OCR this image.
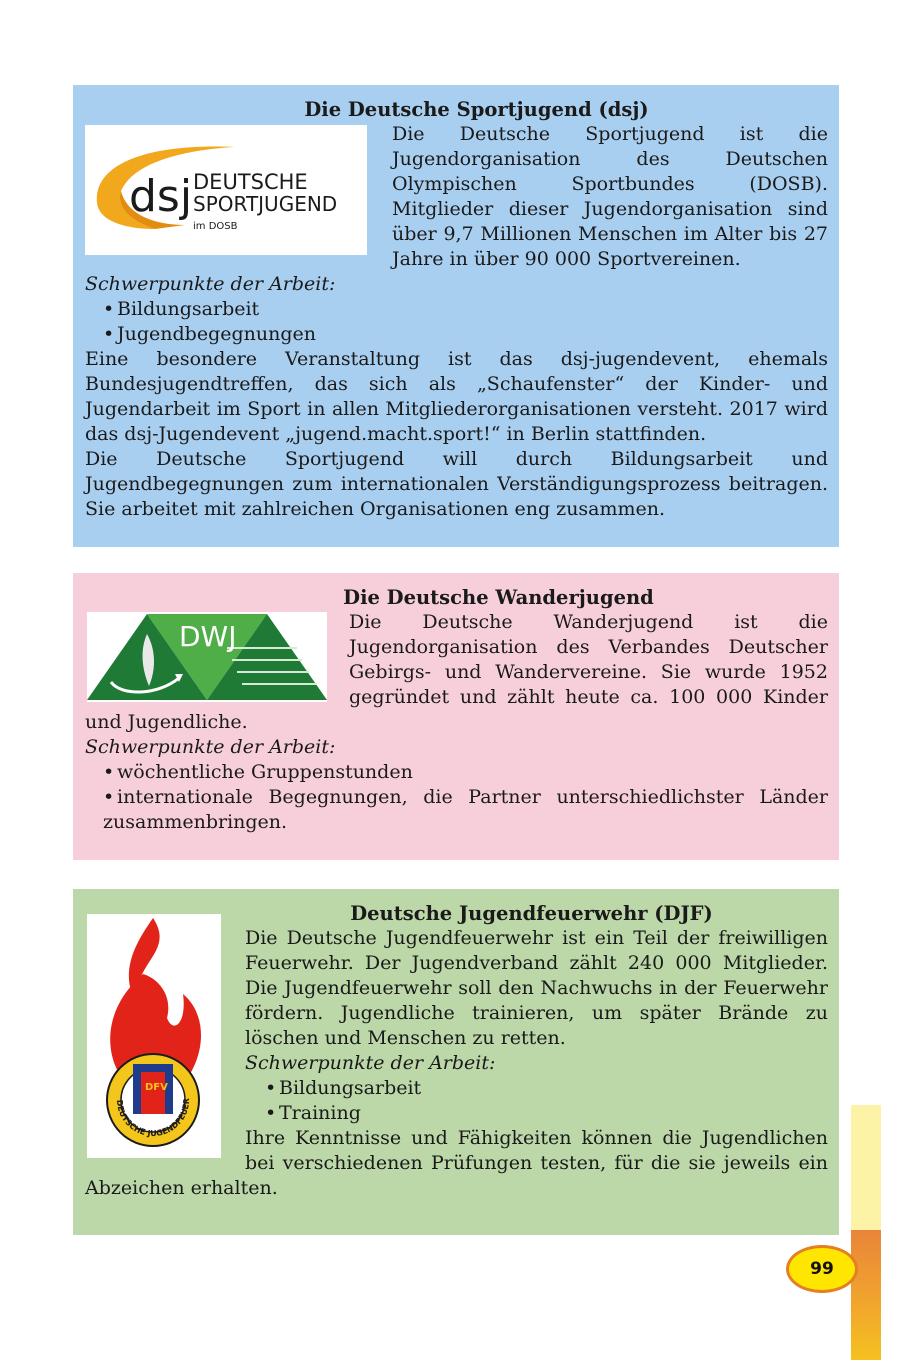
Die Deutsche Sportjugend (dsj)
dsj DEUTSCHE
SPORTJUGEND
im DOSB

Die Deutsche Sportjugend ist die Jugendorganisation des Deutschen Olympischen Sportbundes (DOSB). Mitglieder dieser Jugendorganisation sind über 9,7 Millionen Menschen im Alter bis 27 Jahre in über 90 000 Sportvereinen.

Schwerpunkte der Arbeit:
• Bildungsarbeit
• Jugendbegegnungen

Eine besondere Veranstaltung ist das dsj-jugendevent, ehemals Bundesjugendtreffen, das sich als „Schaufenster“ der Kinder- und Jugendarbeit im Sport in allen Mitgliederorganisationen versteht. 2017 wird das dsj-Jugendevent „jugend.macht.sport!“ in Berlin stattfinden.

Die Deutsche Sportjugend will durch Bildungsarbeit und Jugendbegegnungen zum internationalen Verständigungsprozess beitragen. Sie arbeitet mit zahlreichen Organisationen eng zusammen.

Die Deutsche Wanderjugend
DWJ	Die Deutsche Wanderjugend ist die Jugendorganisation des Verbandes Deutscher Gebirgs- und Wandervereine. Sie wurde 1952 gegründet und zählt heute ca. 100 000 Kinder und Jugendliche.

Schwerpunkte der Arbeit:
• wöchentliche Gruppenstunden
• internationale Begegnungen, die Partner unterschiedlichster Länder zusammenbringen.
Deutsche Jugendfeuerwehr (DJF)
DFV
DEUTSCHE JUGENDFEUER

Die Deutsche Jugendfeuerwehr ist ein Teil der freiwilligen Feuerwehr. Der Jugendverband zählt 240 000 Mitglieder. Die Jugendfeuerwehr soll den Nachwuchs in der Feuerwehr fördern. Jugendliche trainieren, um später Brände zu löschen und Menschen zu retten.

Schwerpunkte der Arbeit:
• Bildungsarbeit
• Training

Ihre Kenntnisse und Fähigkeiten können die Jugendlichen bei verschiedenen Prüfungen testen, für die sie jeweils ein Abzeichen erhalten.

99
